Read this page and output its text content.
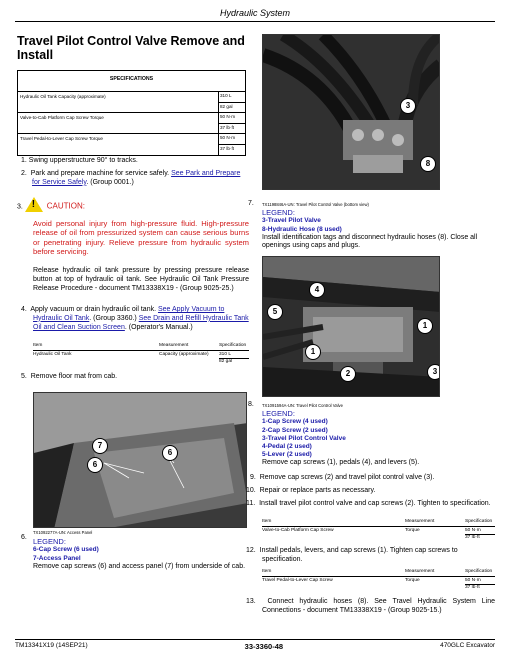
Hydraulic System
Travel Pilot Control Valve Remove and Install
SPECIFICATIONS
Hydraulic Oil Tank Capacity (approximate)	310 L
82 gal
Valve-to-Cab Platform Cap Screw Torque	50 N·m
37 lb·ft
Travel Pedal-to-Lever Cap Screw Torque	50 N·m
37 lb·ft
1. Swing upperstructure 90° to tracks.
2. Park and prepare machine for service safely. See Park and Prepare for Service Safely. (Group 0001.)
3. !	CAUTION:
Avoid personal injury from high-pressure fluid. High-pressure release of oil from pressurized system can cause serious burns or penetrating injury. Relieve pressure from hydraulic system before servicing.
Release hydraulic oil tank pressure by pressing pressure release button at top of hydraulic oil tank. See Hydraulic Oil Tank Pressure Release Procedure - document TM13338X19 - (Group 9025-25.)
4. Apply vacuum or drain hydraulic oil tank. See Apply Vacuum to Hydraulic Oil Tank. (Group 3360.) See Drain and Refill Hydraulic Tank Oil and Clean Suction Screen. (Operator's Manual.)
Item	Measurement	Specification
Hydraulic Oil Tank	Capacity (approximate)	310 L
82 gal
5. Remove floor mat from cab.
7
6
6
TX1092277A-UN: Access Panel
6. LEGEND:
6-Cap Screw (6 used)
7-Access Panel
Remove cap screws (6) and access panel (7) from underside of cab.
3
8
TX1198846A-UN: Travel Pilot Control Valve (bottom view)
7.
LEGEND:
3-Travel Pilot Valve
8-Hydraulic Hose (8 used)
Install identification tags and disconnect hydraulic hoses (8). Close all openings using caps and plugs.
4
5
1
1
2	3
TX1091594A-UN: Travel Pilot Control Valve
8.
LEGEND:
1-Cap Screw (4 used)
2-Cap Screw (2 used)
3-Travel Pilot Control Valve
4-Pedal (2 used)
5-Lever (2 used)
Remove cap screws (1), pedals (4), and levers (5).
9. Remove cap screws (2) and travel pilot control valve (3).
10. Repair or replace parts as necessary.
11. Install travel pilot control valve and cap screws (2). Tighten to specification.
Item	Measurement	Specification
Valve-to-Cab Platform Cap Screw	Torque	50 N·m
37 lb·ft
12. Install pedals, levers, and cap screws (1). Tighten cap screws to specification.
Item	Measurement	Specification
Travel Pedal-to-Lever Cap Screw	Torque	50 N·m
37 lb·ft
13. Connect hydraulic hoses (8). See Travel Hydraulic System Line Connections - document TM13338X19 - (Group 9025-15.)
TM13341X19 (14SEP21)	33-3360-48	470GLC Excavator
